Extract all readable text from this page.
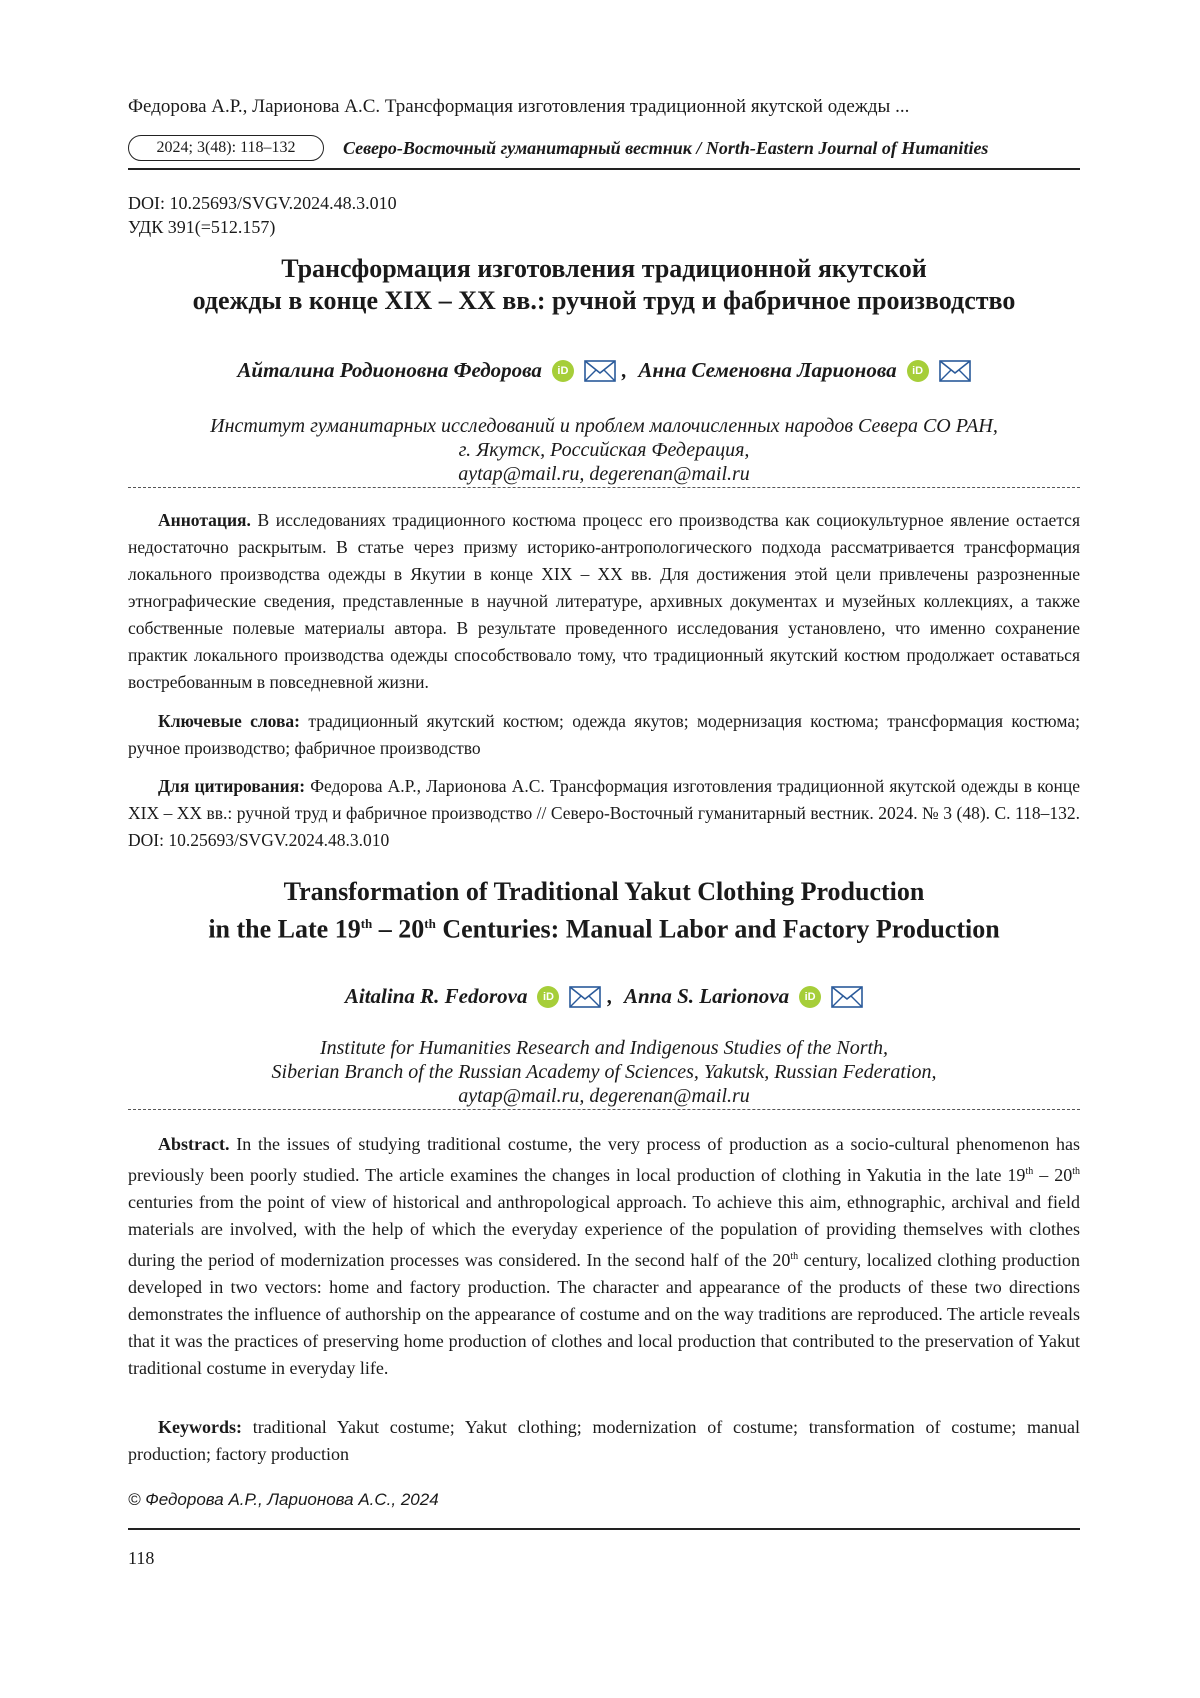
Федорова А.Р., Ларионова А.С. Трансформация изготовления традиционной якутской одежды ...
2024; 3(48): 118–132	Северо-Восточный гуманитарный вестник / North-Eastern Journal of Humanities
DOI: 10.25693/SVGV.2024.48.3.010
УДК 391(=512.157)
Трансформация изготовления традиционной якутской
одежды в конце XIX – XX вв.: ручной труд и фабричное производство
Айталина Родионовна Федорова	iD	, Анна Семеновна Ларионова	iD
Институт гуманитарных исследований и проблем малочисленных народов Севера СО РАН,
г. Якутск, Российская Федерация,
aytap@mail.ru, degerenan@mail.ru
Аннотация. В исследованиях традиционного костюма процесс его производства как социокультурное явление остается недостаточно раскрытым. В статье через призму историко-антропологического подхода рассматривается трансформация локального производства одежды в Якутии в конце XIX – XX вв. Для достижения этой цели привлечены разрозненные этнографические сведения, представленные в научной литературе, архивных документах и музейных коллекциях, а также собственные полевые материалы автора. В результате проведенного исследования установлено, что именно сохранение практик локального производства одежды способствовало тому, что традиционный якутский костюм продолжает оставаться востребованным в повседневной жизни.
Ключевые слова: традиционный якутский костюм; одежда якутов; модернизация костюма; трансформация костюма; ручное производство; фабричное производство
Для цитирования: Федорова А.Р., Ларионова А.С. Трансформация изготовления традиционной якутской одежды в конце XIX – XX вв.: ручной труд и фабричное производство // Северо-Восточный гуманитарный вестник. 2024. № 3 (48). С. 118–132. DOI: 10.25693/SVGV.2024.48.3.010
Transformation of Traditional Yakut Clothing Production
in the Late 19th – 20th Centuries: Manual Labor and Factory Production
Aitalina R. Fedorova	iD	, Anna S. Larionova	iD
Institute for Humanities Research and Indigenous Studies of the North,
Siberian Branch of the Russian Academy of Sciences, Yakutsk, Russian Federation,
aytap@mail.ru, degerenan@mail.ru
Abstract. In the issues of studying traditional costume, the very process of production as a socio-cultural phenomenon has previously been poorly studied. The article examines the changes in local production of clothing in Yakutia in the late 19th – 20th centuries from the point of view of historical and anthropological approach. To achieve this aim, ethnographic, archival and field materials are involved, with the help of which the everyday experience of the population of providing themselves with clothes during the period of modernization processes was considered. In the second half of the 20th century, localized clothing production developed in two vectors: home and factory production. The character and appearance of the products of these two directions demonstrates the influence of authorship on the appearance of costume and on the way traditions are reproduced. The article reveals that it was the practices of preserving home production of clothes and local production that contributed to the preservation of Yakut traditional costume in everyday life.
Keywords: traditional Yakut costume; Yakut clothing; modernization of costume; transformation of costume; manual production; factory production
© Федорова А.Р., Ларионова А.С., 2024
118
